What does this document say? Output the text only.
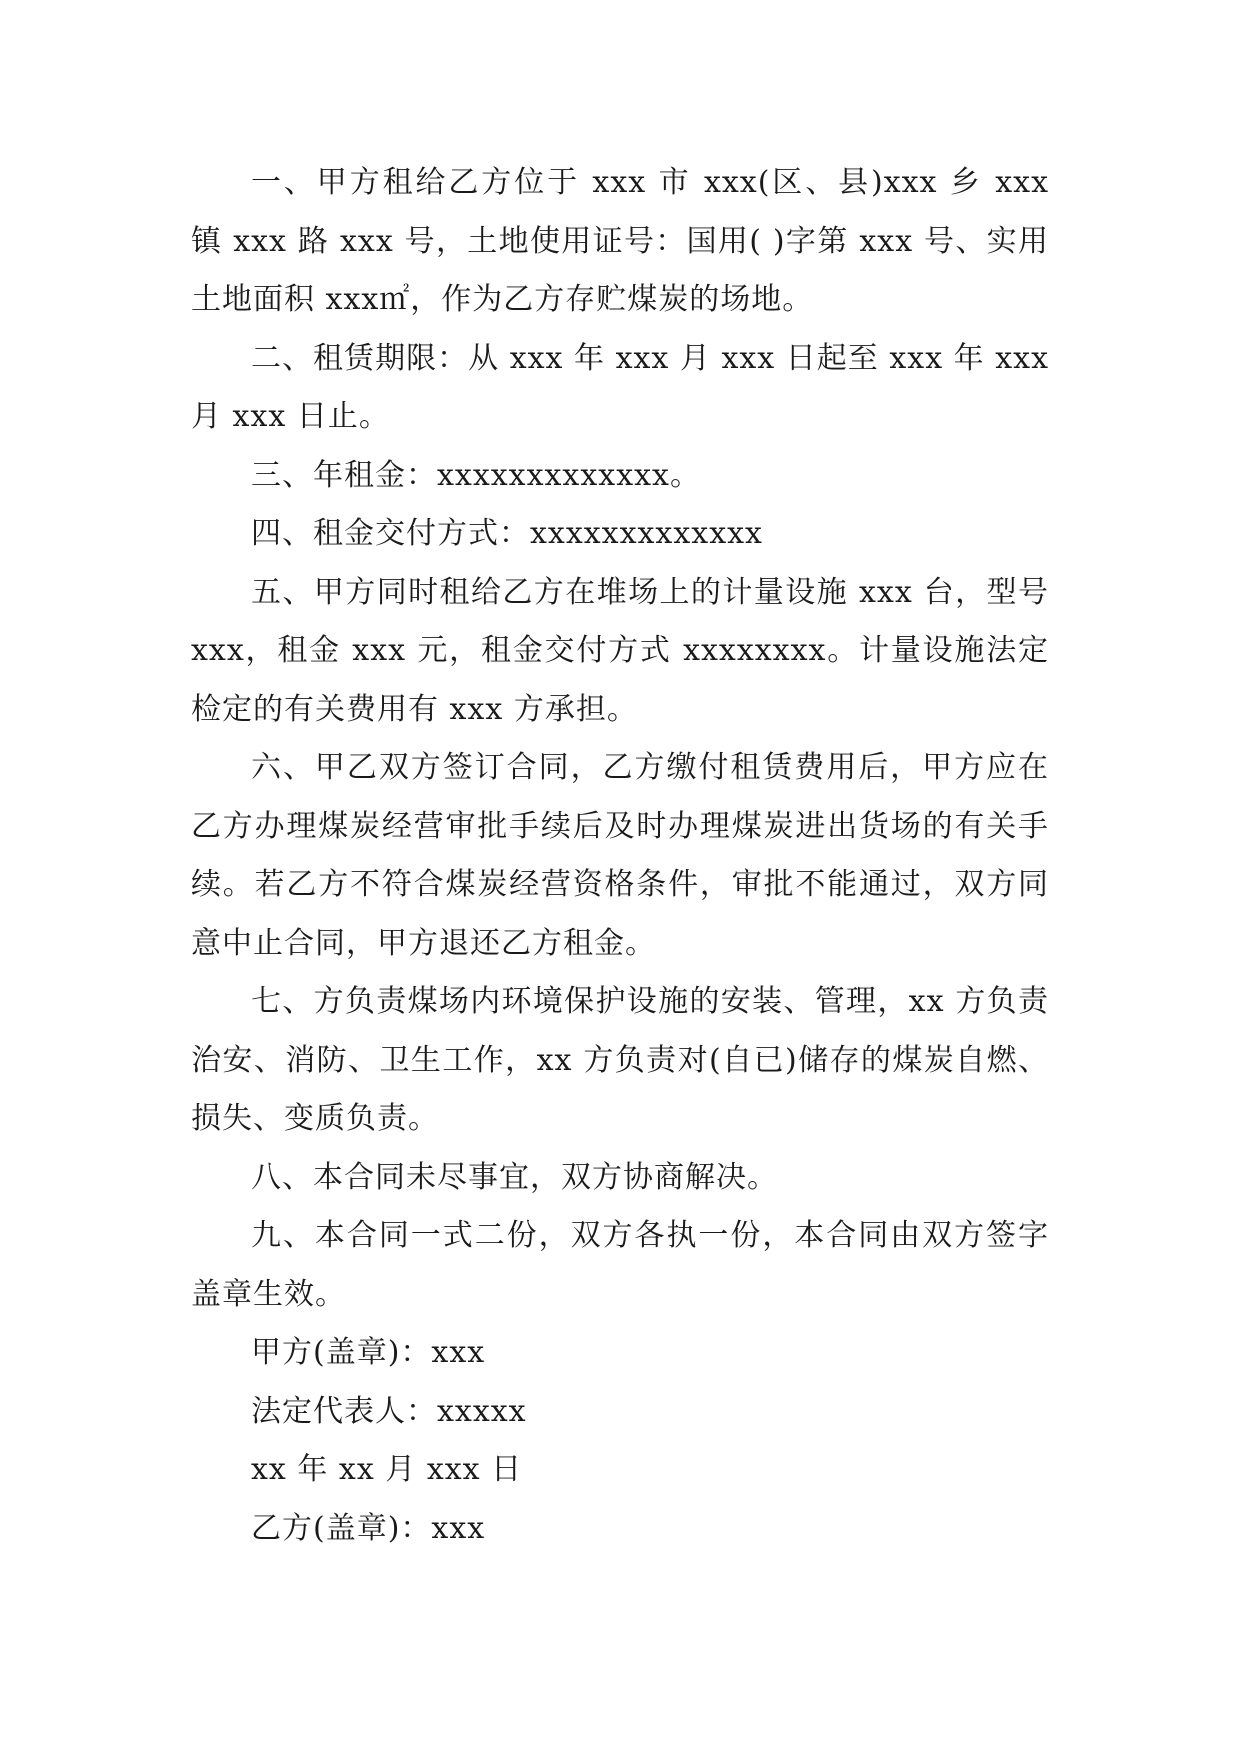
一、甲方租给乙方位于 xxx 市 xxx(区、县)xxx 乡 xxx 镇 xxx 路 xxx 号，土地使用证号：国用( )字第 xxx 号、实用土地面积 xxx㎡，作为乙方存贮煤炭的场地。

二、租赁期限：从 xxx 年 xxx 月 xxx 日起至 xxx 年 xxx 月 xxx 日止。

三、年租金：xxxxxxxxxxxxx。

四、租金交付方式：xxxxxxxxxxxxx

五、甲方同时租给乙方在堆场上的计量设施 xxx 台，型号 xxx，租金 xxx 元，租金交付方式 xxxxxxxx。计量设施法定检定的有关费用有 xxx 方承担。

六、甲乙双方签订合同，乙方缴付租赁费用后，甲方应在乙方办理煤炭经营审批手续后及时办理煤炭进出货场的有关手续。若乙方不符合煤炭经营资格条件，审批不能通过，双方同意中止合同，甲方退还乙方租金。

七、方负责煤场内环境保护设施的安装、管理，xx 方负责治安、消防、卫生工作，xx 方负责对(自已)储存的煤炭自燃、损失、变质负责。

八、本合同未尽事宜，双方协商解决。

九、本合同一式二份，双方各执一份，本合同由双方签字盖章生效。

甲方(盖章)：xxx

法定代表人：xxxxx

xx 年 xx 月 xxx 日

乙方(盖章)：xxx
